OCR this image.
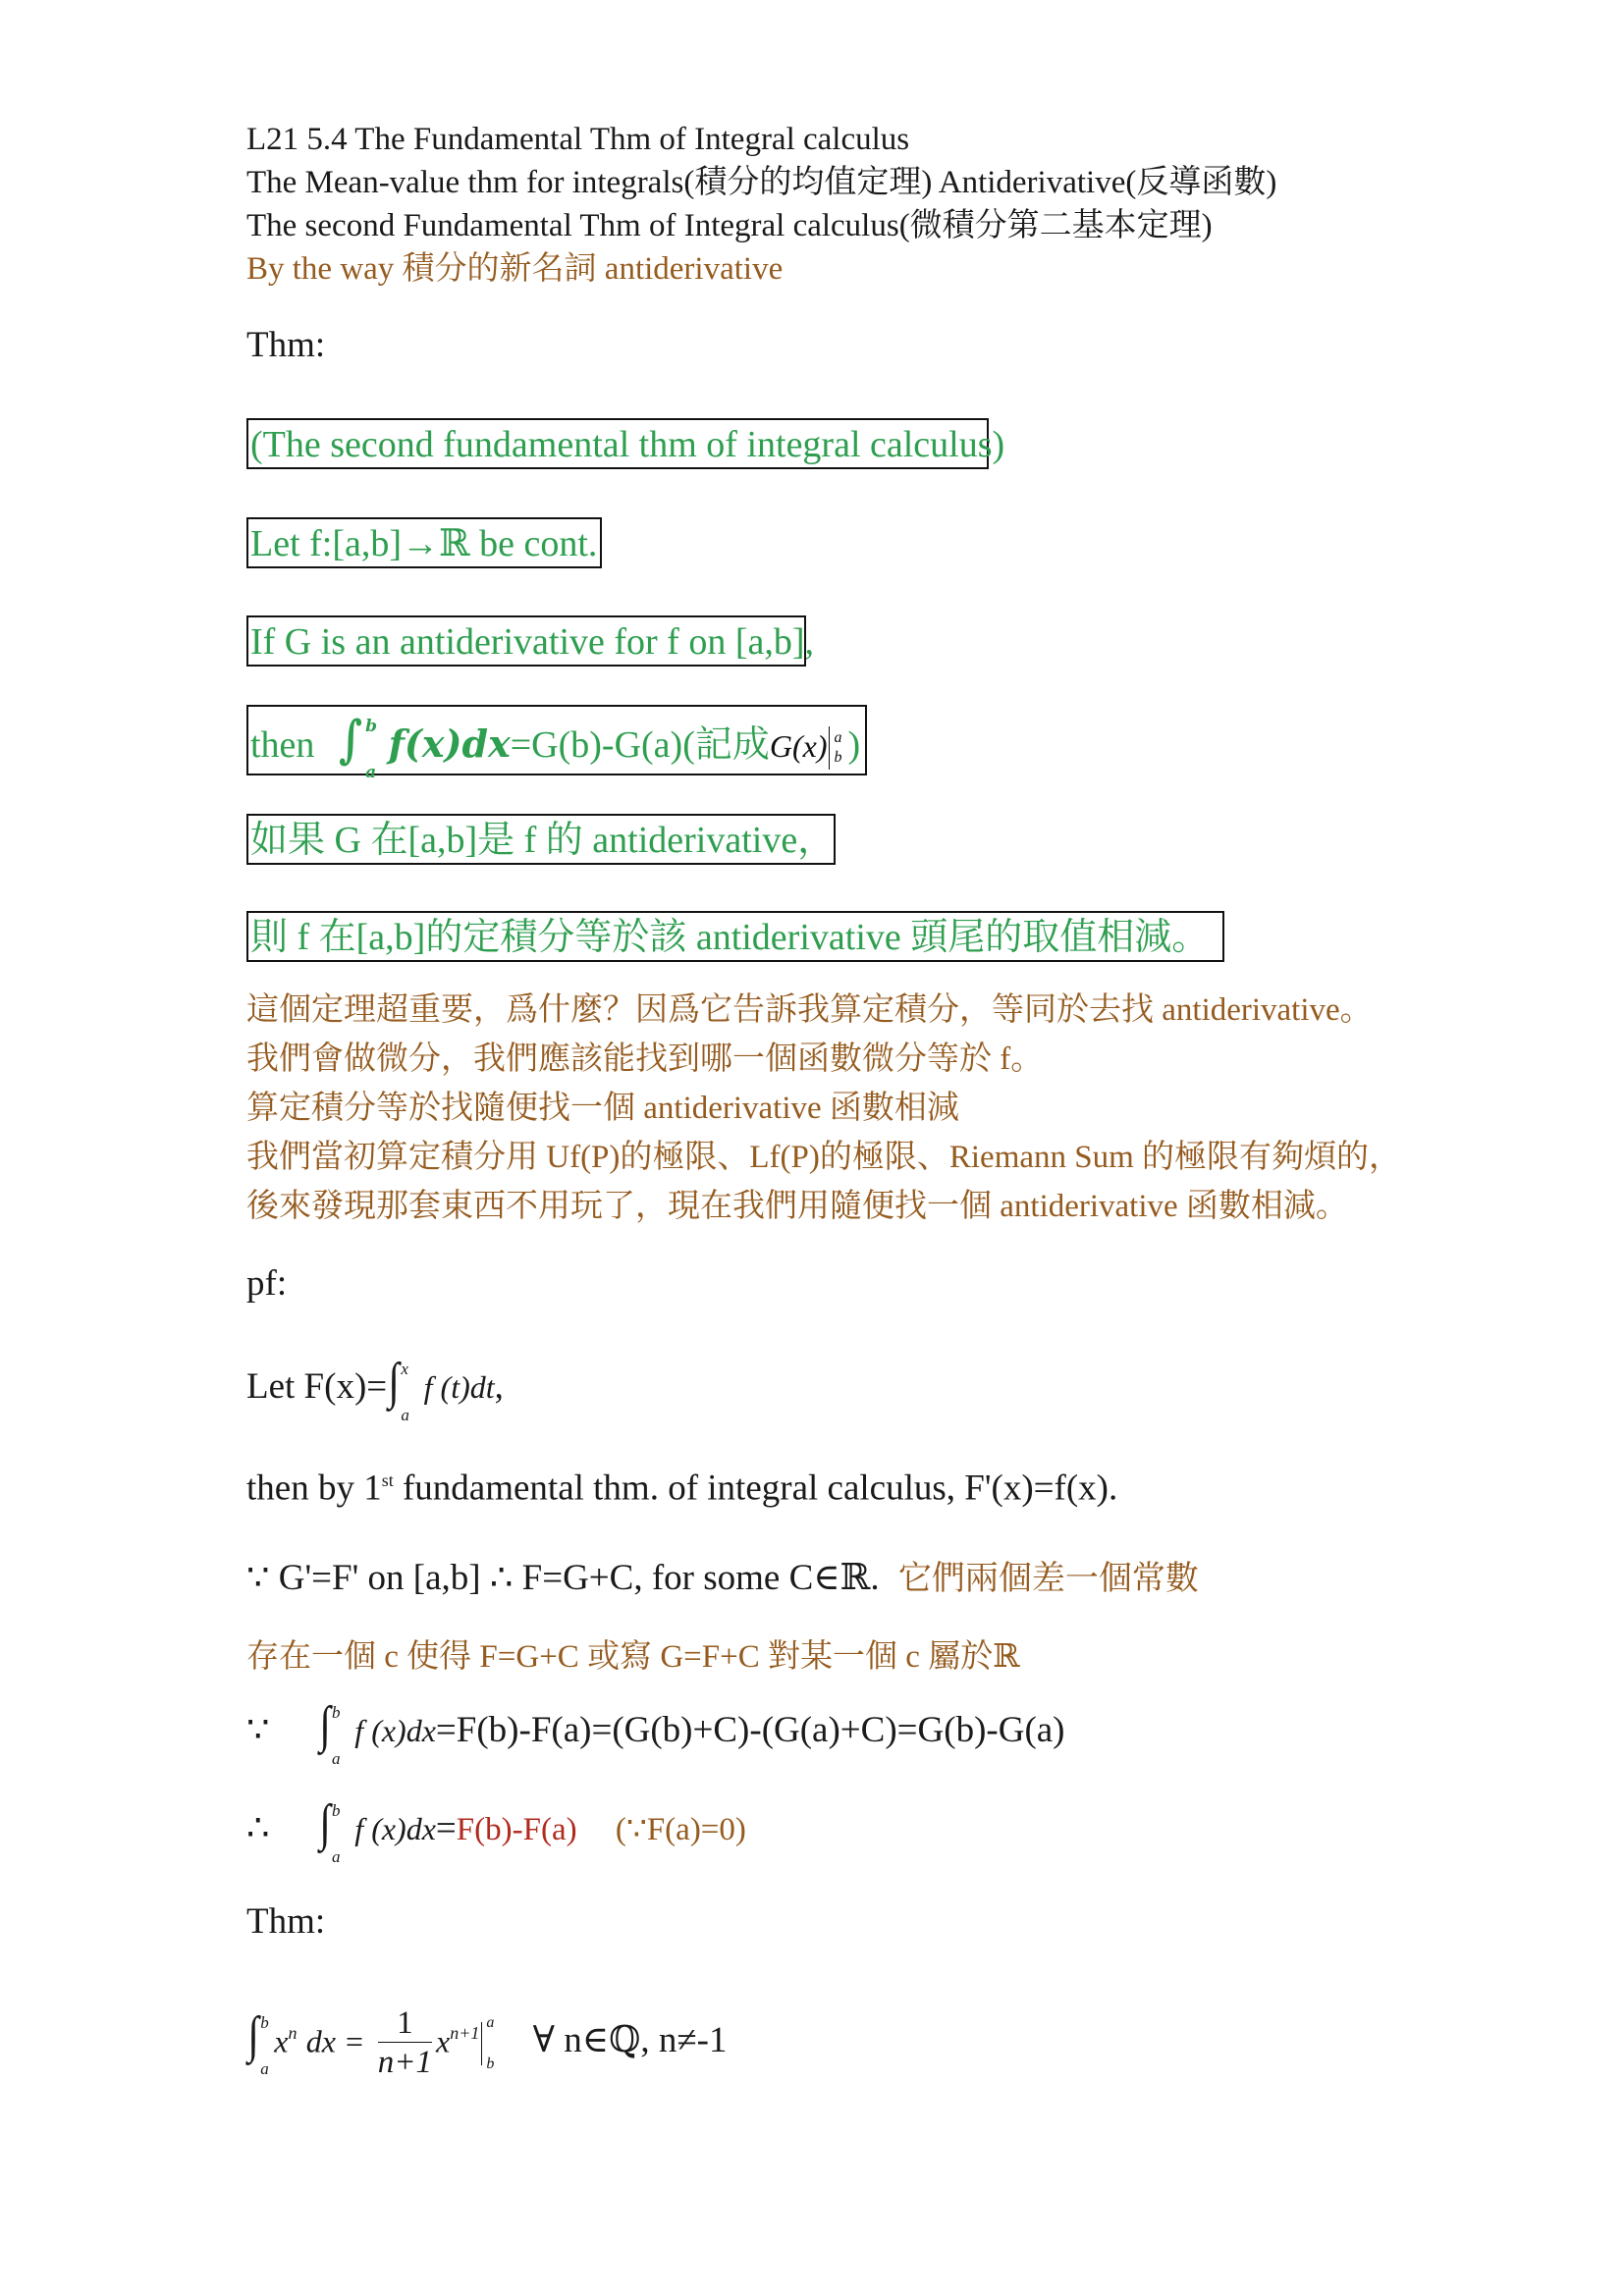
L21 5.4 The Fundamental Thm of Integral calculus
The Mean-value thm for integrals(積分的均值定理) Antiderivative(反導函數)
The second Fundamental Thm of Integral calculus(微積分第二基本定理)
By the way 積分的新名詞 antiderivative
Thm:
(The second fundamental thm of integral calculus)
Let f:[a,b]→ℝ be cont.
If G is an antiderivative for f on [a,b],
then ∫ b
a
f(x)dx=G(b)-G(a)(記成G(x) b
a )
如果 G 在[a,b]是 f 的 antiderivative，
則 f 在[a,b]的定積分等於該 antiderivative 頭尾的取值相減。
這個定理超重要，爲什麼？因爲它告訴我算定積分，等同於去找 antiderivative。
我們會做微分，我們應該能找到哪一個函數微分等於 f。
算定積分等於找隨便找一個 antiderivative 函數相減
我們當初算定積分用 Uf(P)的極限、Lf(P)的極限、Riemann Sum 的極限有夠煩的，
後來發現那套東西不用玩了，現在我們用隨便找一個 antiderivative 函數相減。
pf:
Let F(x)=∫ x
a
f (t)dt,
then by 1st fundamental thm. of integral calculus, F'(x)=f(x).
∵ G'=F' on [a,b] ∴ F=G+C, for some C∈ℝ. 它們兩個差一個常數
存在一個 c 使得 F=G+C 或寫 G=F+C 對某一個 c 屬於ℝ
∵ ∫ b
a
f (x)dx=F(b)-F(a)=(G(b)+C)-(G(a)+C)=G(b)-G(a)
∴ ∫ b
a
f (x)dx=F(b)-F(a) (∵F(a)=0)
Thm:
∫ b
a
$x^n$ dx = $\frac{1}{n+1} x^{n+1}$
b
a ∀ n∈ℚ, n≠-1
